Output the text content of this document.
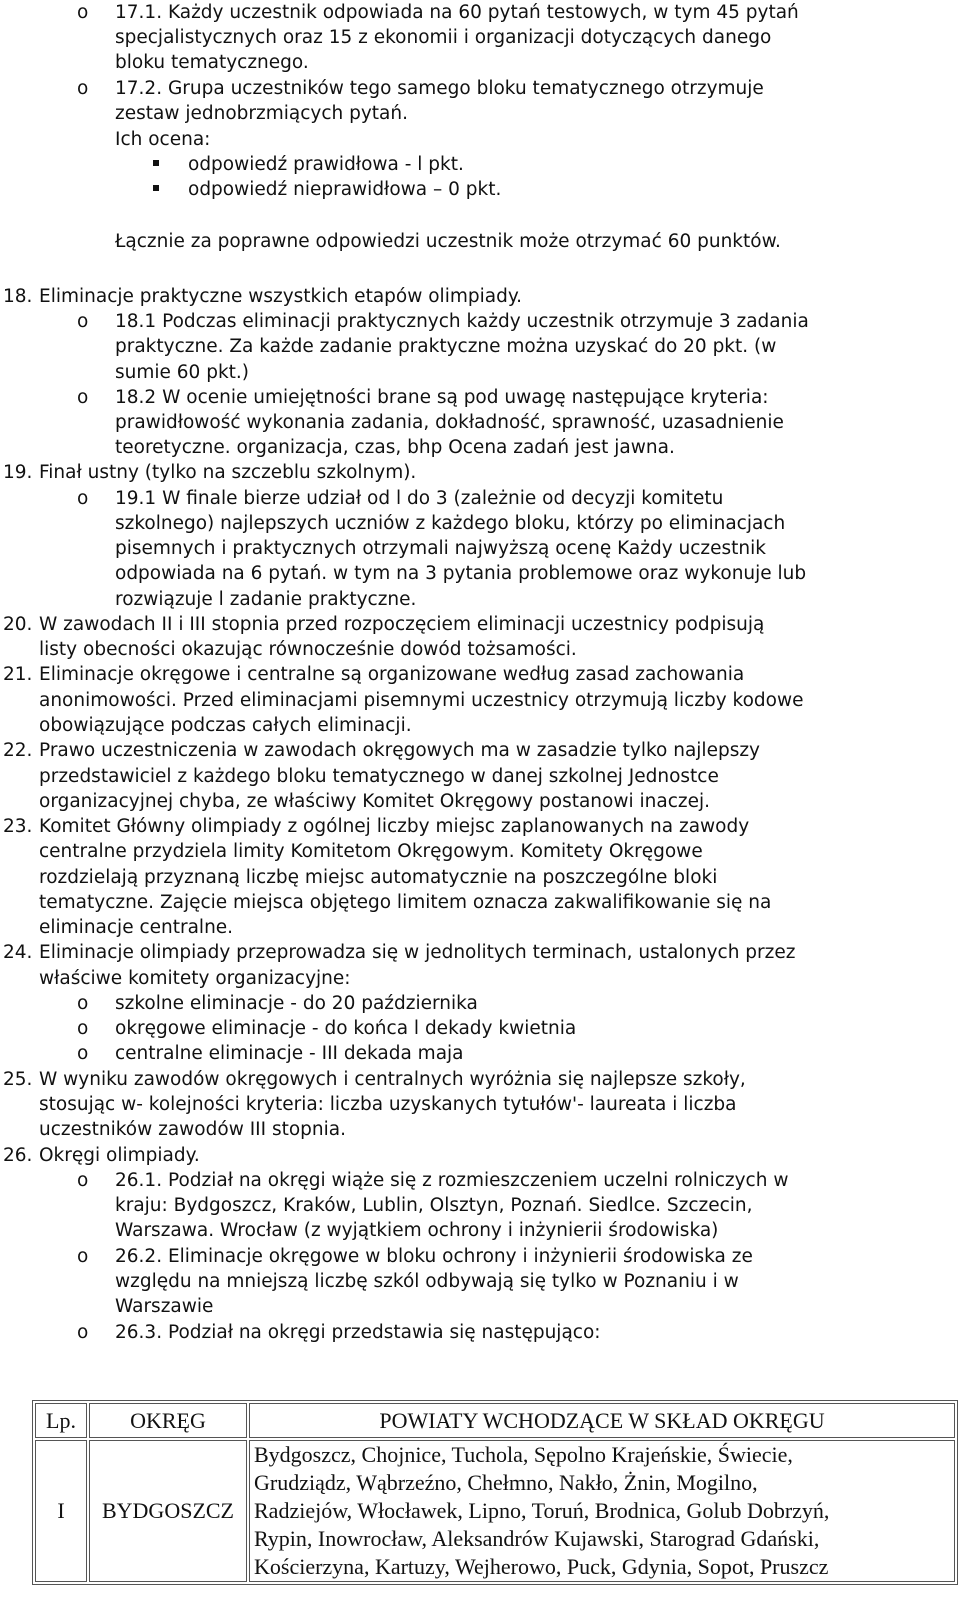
o 17.1. Każdy uczestnik odpowiada na 60 pytań testowych, w tym 45 pytań
specjalistycznych oraz 15 z ekonomii i organizacji dotyczących danego
bloku tematycznego.
o 17.2. Grupa uczestników tego samego bloku tematycznego otrzymuje
zestaw jednobrzmiących pytań.
Ich ocena:
odpowiedź prawidłowa - l pkt.
odpowiedź nieprawidłowa – 0 pkt.
Łącznie za poprawne odpowiedzi uczestnik może otrzymać 60 punktów.
18. Eliminacje praktyczne wszystkich etapów olimpiady.
o 18.1 Podczas eliminacji praktycznych każdy uczestnik otrzymuje 3 zadania
praktyczne. Za każde zadanie praktyczne można uzyskać do 20 pkt. (w
sumie 60 pkt.)
o 18.2 W ocenie umiejętności brane są pod uwagę następujące kryteria:
prawidłowość wykonania zadania, dokładność, sprawność, uzasadnienie
teoretyczne. organizacja, czas, bhp Ocena zadań jest jawna.
19. Finał ustny (tylko na szczeblu szkolnym).
o 19.1 W finale bierze udział od l do 3 (zależnie od decyzji komitetu
szkolnego) najlepszych uczniów z każdego bloku, którzy po eliminacjach
pisemnych i praktycznych otrzymali najwyższą ocenę Każdy uczestnik
odpowiada na 6 pytań. w tym na 3 pytania problemowe oraz wykonuje lub
rozwiązuje l zadanie praktyczne.
20. W zawodach II i III stopnia przed rozpoczęciem eliminacji uczestnicy podpisują
listy obecności okazując równocześnie dowód tożsamości.
21. Eliminacje okręgowe i centralne są organizowane według zasad zachowania
anonimowości. Przed eliminacjami pisemnymi uczestnicy otrzymują liczby kodowe
obowiązujące podczas całych eliminacji.
22. Prawo uczestniczenia w zawodach okręgowych ma w zasadzie tylko najlepszy
przedstawiciel z każdego bloku tematycznego w danej szkolnej Jednostce
organizacyjnej chyba, ze właściwy Komitet Okręgowy postanowi inaczej.
23. Komitet Główny olimpiady z ogólnej liczby miejsc zaplanowanych na zawody
centralne przydziela limity Komitetom Okręgowym. Komitety Okręgowe
rozdzielają przyznaną liczbę miejsc automatycznie na poszczególne bloki
tematyczne. Zajęcie miejsca objętego limitem oznacza zakwalifikowanie się na
eliminacje centralne.
24. Eliminacje olimpiady przeprowadza się w jednolitych terminach, ustalonych przez
właściwe komitety organizacyjne:
o szkolne eliminacje - do 20 października
o okręgowe eliminacje - do końca l dekady kwietnia
o centralne eliminacje - III dekada maja
25. W wyniku zawodów okręgowych i centralnych wyróżnia się najlepsze szkoły,
stosując w- kolejności kryteria: liczba uzyskanych tytułów'- laureata i liczba
uczestników zawodów III stopnia.
26. Okręgi olimpiady.
o 26.1. Podział na okręgi wiąże się z rozmieszczeniem uczelni rolniczych w
kraju: Bydgoszcz, Kraków, Lublin, Olsztyn, Poznań. Siedlce. Szczecin,
Warszawa. Wrocław (z wyjątkiem ochrony i inżynierii środowiska)
o 26.2. Eliminacje okręgowe w bloku ochrony i inżynierii środowiska ze
względu na mniejszą liczbę szkól odbywają się tylko w Poznaniu i w
Warszawie
o 26.3. Podział na okręgi przedstawia się następująco:
Lp.	OKRĘG	POWIATY WCHODZĄCE W SKŁAD OKRĘGU
I	BYDGOSZCZ	Bydgoszcz, Chojnice, Tuchola, Sępolno Krajeńskie, Świecie,
Grudziądz, Wąbrzeźno, Chełmno, Nakło, Żnin, Mogilno,
Radziejów, Włocławek, Lipno, Toruń, Brodnica, Golub Dobrzyń,
Rypin, Inowrocław, Aleksandrów Kujawski, Starograd Gdański,
Kościerzyna, Kartuzy, Wejherowo, Puck, Gdynia, Sopot, Pruszcz
